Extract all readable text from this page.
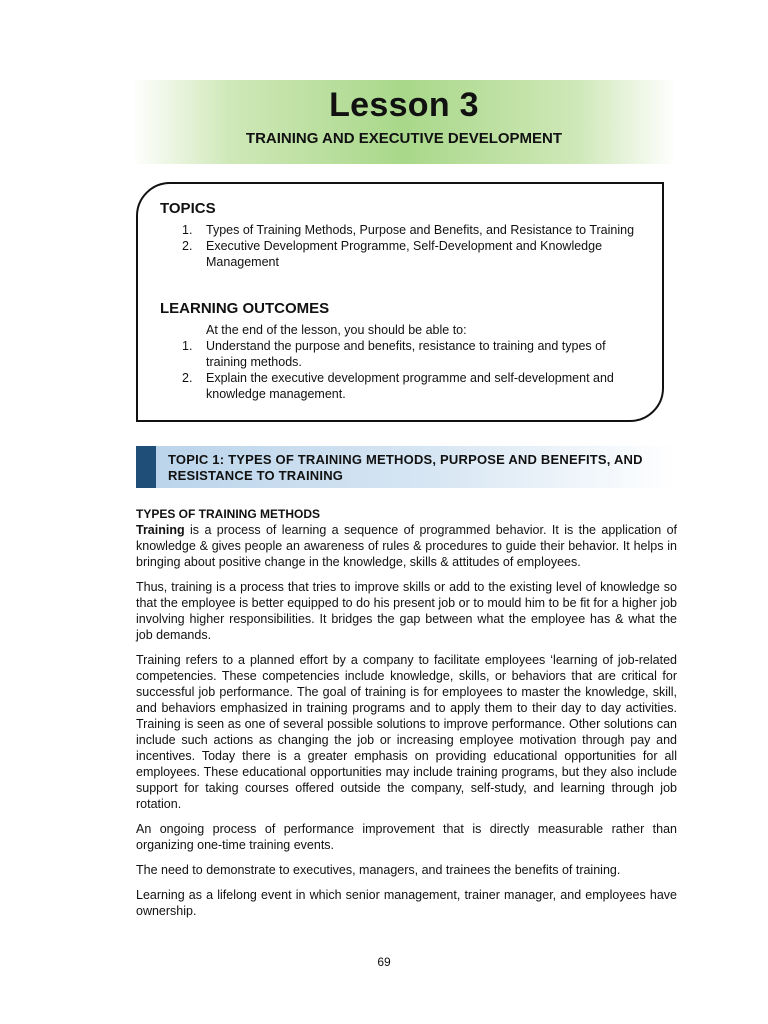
Lesson 3
TRAINING AND EXECUTIVE DEVELOPMENT
TOPICS
1. Types of Training Methods, Purpose and Benefits, and Resistance to Training
2. Executive Development Programme, Self-Development and Knowledge Management
LEARNING OUTCOMES
At the end of the lesson, you should be able to:
1. Understand the purpose and benefits, resistance to training and types of training methods.
2. Explain the executive development programme and self-development and knowledge management.
TOPIC 1: TYPES OF TRAINING METHODS, PURPOSE AND BENEFITS, AND RESISTANCE TO TRAINING
TYPES OF TRAINING METHODS

Training is a process of learning a sequence of programmed behavior. It is the application of knowledge & gives people an awareness of rules & procedures to guide their behavior. It helps in bringing about positive change in the knowledge, skills & attitudes of employees.

Thus, training is a process that tries to improve skills or add to the existing level of knowledge so that the employee is better equipped to do his present job or to mould him to be fit for a higher job involving higher responsibilities. It bridges the gap between what the employee has & what the job demands.

Training refers to a planned effort by a company to facilitate employees ‘learning of job-related competencies. These competencies include knowledge, skills, or behaviors that are critical for successful job performance. The goal of training is for employees to master the knowledge, skill, and behaviors emphasized in training programs and to apply them to their day to day activities. Training is seen as one of several possible solutions to improve performance. Other solutions can include such actions as changing the job or increasing employee motivation through pay and incentives. Today there is a greater emphasis on providing educational opportunities for all employees. These educational opportunities may include training programs, but they also include support for taking courses offered outside the company, self-study, and learning through job rotation.

An ongoing process of performance improvement that is directly measurable rather than organizing one-time training events.

The need to demonstrate to executives, managers, and trainees the benefits of training.

Learning as a lifelong event in which senior management, trainer manager, and employees have ownership.

69
